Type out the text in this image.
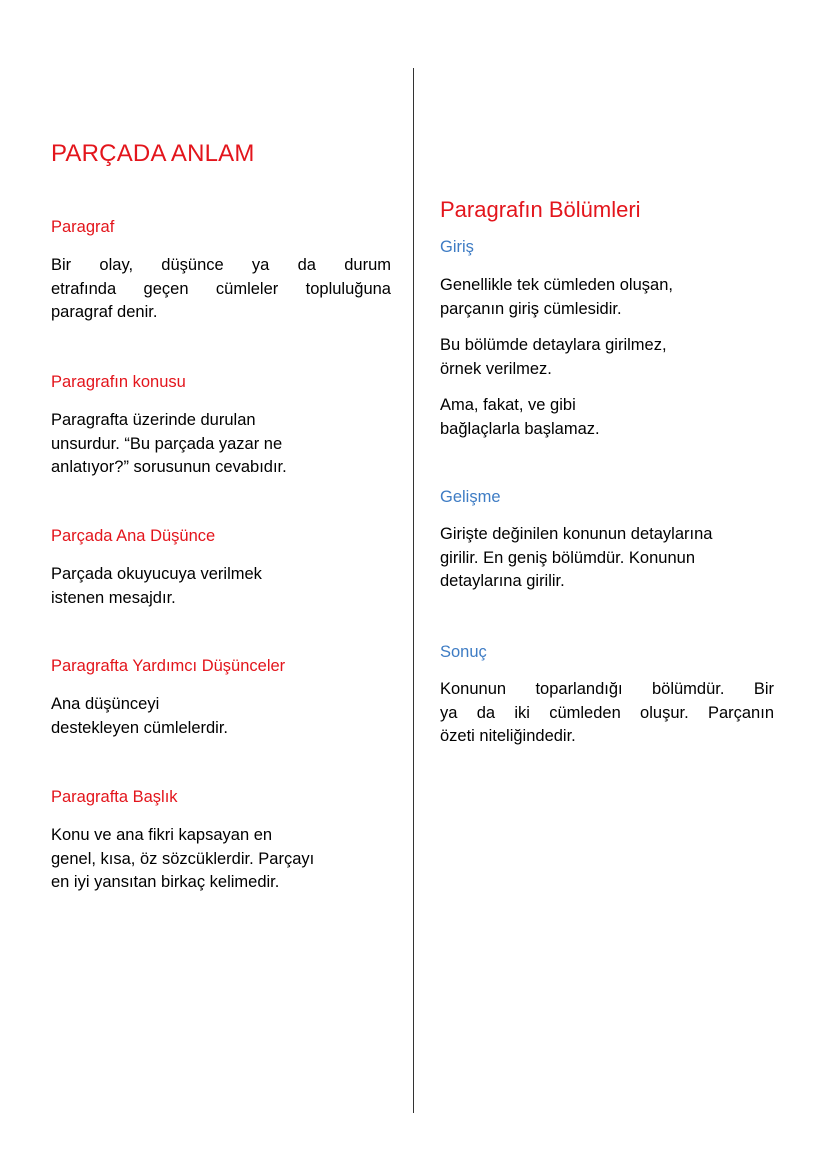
PARÇADA ANLAM
Paragraf
Bir olay, düşünce ya da durum
etrafında geçen cümleler topluluğuna
paragraf denir.
Paragrafın konusu
Paragrafta üzerinde durulan
unsurdur. “Bu parçada yazar ne
anlatıyor?” sorusunun cevabıdır.
Parçada Ana Düşünce
Parçada okuyucuya verilmek
istenen mesajdır.
Paragrafta Yardımcı Düşünceler
Ana düşünceyi
destekleyen cümlelerdir.
Paragrafta Başlık
Konu ve ana fikri kapsayan en
genel, kısa, öz sözcüklerdir. Parçayı
en iyi yansıtan birkaç kelimedir.
Paragrafın Bölümleri
Giriş
Genellikle tek cümleden oluşan,
parçanın giriş cümlesidir.
Bu bölümde detaylara girilmez,
örnek verilmez.
Ama, fakat, ve gibi
bağlaçlarla başlamaz.
Gelişme
Girişte değinilen konunun detaylarına
girilir. En geniş bölümdür. Konunun
detaylarına girilir.
Sonuç
Konunun toparlandığı bölümdür. Bir
ya da iki cümleden oluşur. Parçanın
özeti niteliğindedir.
